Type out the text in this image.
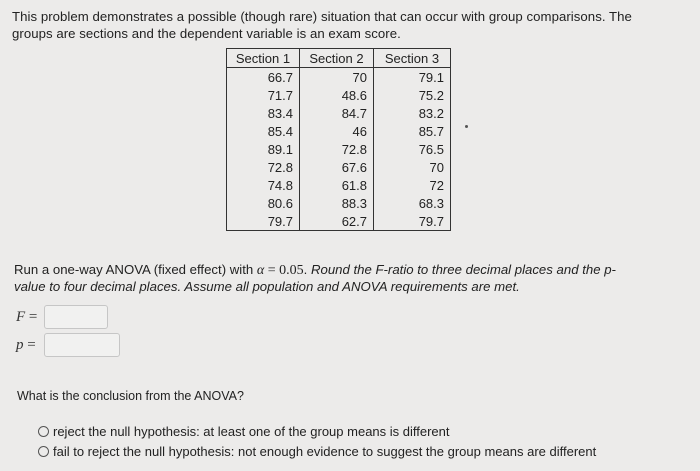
This problem demonstrates a possible (though rare) situation that can occur with group comparisons. The
groups are sections and the dependent variable is an exam score.
Section 1	Section 2	Section 3
66.7	70	79.1
71.7	48.6	75.2
83.4	84.7	83.2
85.4	46	85.7
89.1	72.8	76.5
72.8	67.6	70
74.8	61.8	72
80.6	88.3	68.3
79.7	62.7	79.7
Run a one-way ANOVA (fixed effect) with α = 0.05. Round the F-ratio to three decimal places and the p-
value to four decimal places. Assume all population and ANOVA requirements are met.
F =
p =
What is the conclusion from the ANOVA?
reject the null hypothesis: at least one of the group means is different
fail to reject the null hypothesis: not enough evidence to suggest the group means are different
